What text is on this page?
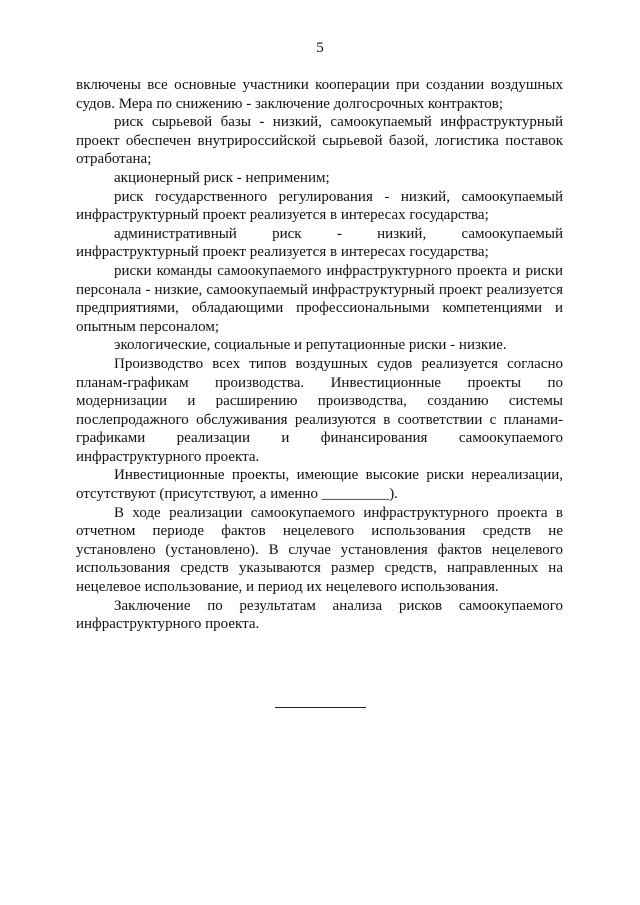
5

включены все основные участники кооперации при создании воздушных судов. Мера по снижению - заключение долгосрочных контрактов;

риск сырьевой базы - низкий, самоокупаемый инфраструктурный проект обеспечен внутрироссийской сырьевой базой, логистика поставок отработана;

акционерный риск - неприменим;

риск государственного регулирования - низкий, самоокупаемый инфраструктурный проект реализуется в интересах государства;

административный риск - низкий, самоокупаемый инфраструктурный проект реализуется в интересах государства;

риски команды самоокупаемого инфраструктурного проекта и риски персонала - низкие, самоокупаемый инфраструктурный проект реализуется предприятиями, обладающими профессиональными компетенциями и опытным персоналом;

экологические, социальные и репутационные риски - низкие.

Производство всех типов воздушных судов реализуется согласно планам-графикам производства. Инвестиционные проекты по модернизации и расширению производства, созданию системы послепродажного обслуживания реализуются в соответствии с планами-графиками реализации и финансирования самоокупаемого инфраструктурного проекта.

Инвестиционные проекты, имеющие высокие риски нереализации, отсутствуют (присутствуют, а именно _________).

В ходе реализации самоокупаемого инфраструктурного проекта в отчетном периоде фактов нецелевого использования средств не установлено (установлено). В случае установления фактов нецелевого использования средств указываются размер средств, направленных на нецелевое использование, и период их нецелевого использования.

Заключение по результатам анализа рисков самоокупаемого инфраструктурного проекта.
